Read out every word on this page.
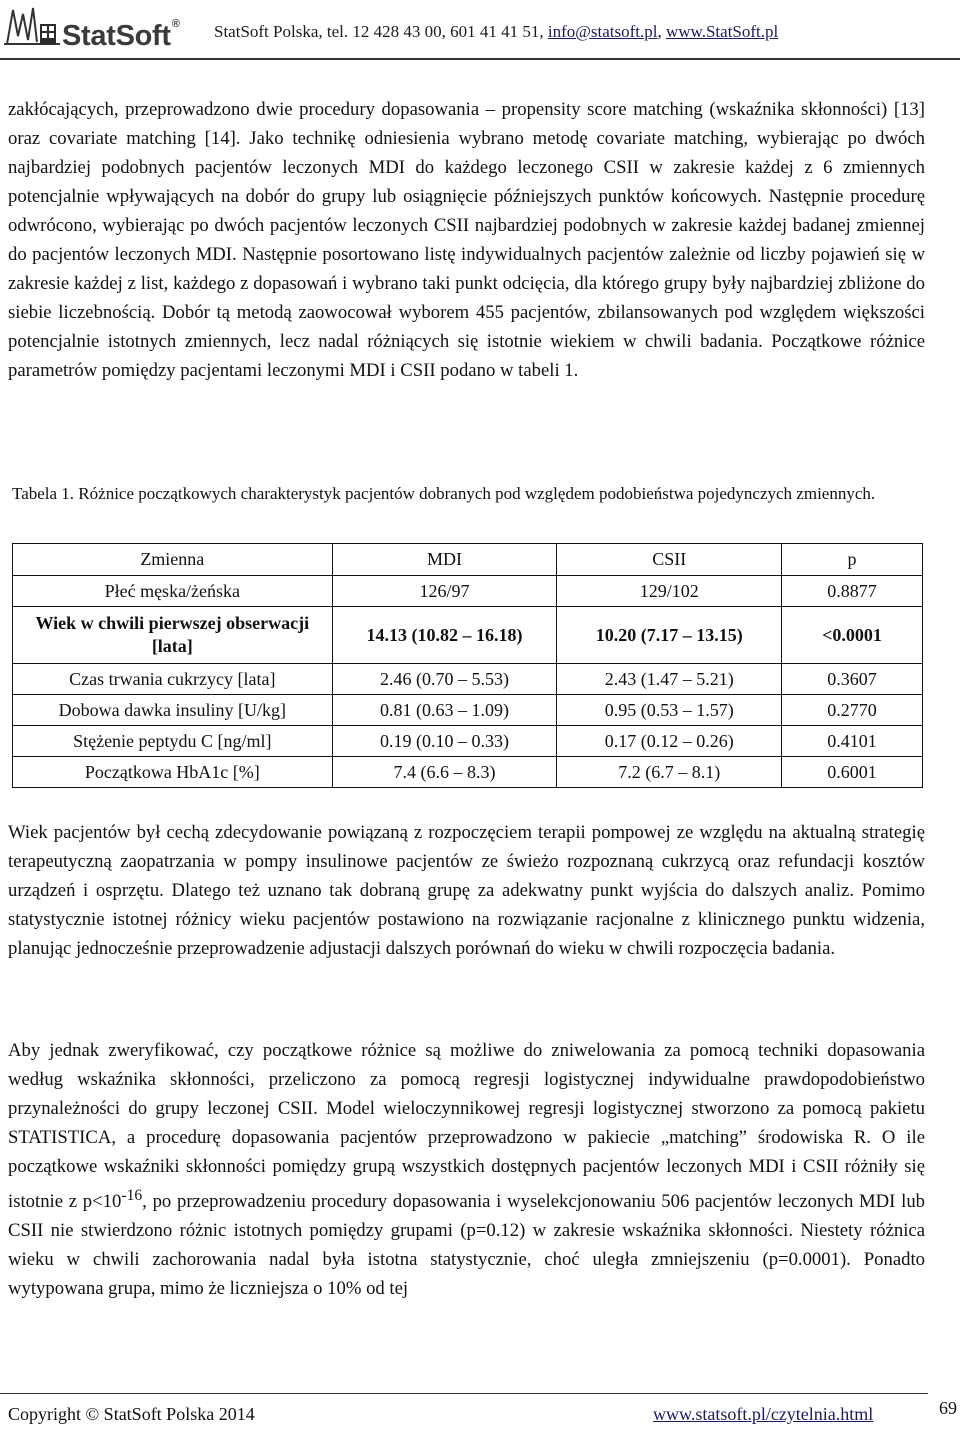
StatSoft® StatSoft Polska, tel. 12 428 43 00, 601 41 41 51, info@statsoft.pl, www.StatSoft.pl

zakłócających, przeprowadzono dwie procedury dopasowania – propensity score matching (wskaźnika skłonności) [13] oraz covariate matching [14]. Jako technikę odniesienia wybrano metodę covariate matching, wybierając po dwóch najbardziej podobnych pacjentów leczonych MDI do każdego leczonego CSII w zakresie każdej z 6 zmiennych potencjalnie wpływających na dobór do grupy lub osiągnięcie późniejszych punktów końcowych. Następnie procedurę odwrócono, wybierając po dwóch pacjentów leczonych CSII najbardziej podobnych w zakresie każdej badanej zmiennej do pacjentów leczonych MDI. Następnie posortowano listę indywidualnych pacjentów zależnie od liczby pojawień się w zakresie każdej z list, każdego z dopasowań i wybrano taki punkt odcięcia, dla którego grupy były najbardziej zbliżone do siebie liczebnością. Dobór tą metodą zaowocował wyborem 455 pacjentów, zbilansowanych pod względem większości potencjalnie istotnych zmiennych, lecz nadal różniących się istotnie wiekiem w chwili badania. Początkowe różnice parametrów pomiędzy pacjentami leczonymi MDI i CSII podano w tabeli 1.

Tabela 1. Różnice początkowych charakterystyk pacjentów dobranych pod względem podobieństwa pojedynczych zmiennych.

Zmienna	MDI	CSII	p
Płeć męska/żeńska	126/97	129/102	0.8877
Wiek w chwili pierwszej obserwacji [lata]	14.13 (10.82 – 16.18)	10.20 (7.17 – 13.15)	<0.0001
Czas trwania cukrzycy [lata]	2.46 (0.70 – 5.53)	2.43 (1.47 – 5.21)	0.3607
Dobowa dawka insuliny [U/kg]	0.81 (0.63 – 1.09)	0.95 (0.53 – 1.57)	0.2770
Stężenie peptydu C [ng/ml]	0.19 (0.10 – 0.33)	0.17 (0.12 – 0.26)	0.4101
Początkowa HbA1c [%]	7.4 (6.6 – 8.3)	7.2 (6.7 – 8.1)	0.6001

Wiek pacjentów był cechą zdecydowanie powiązaną z rozpoczęciem terapii pompowej ze względu na aktualną strategię terapeutyczną zaopatrzania w pompy insulinowe pacjentów ze świeżo rozpoznaną cukrzycą oraz refundacji kosztów urządzeń i osprzętu. Dlatego też uznano tak dobraną grupę za adekwatny punkt wyjścia do dalszych analiz. Pomimo statystycznie istotnej różnicy wieku pacjentów postawiono na rozwiązanie racjonalne z klinicznego punktu widzenia, planując jednocześnie przeprowadzenie adjustacji dalszych porównań do wieku w chwili rozpoczęcia badania.

Aby jednak zweryfikować, czy początkowe różnice są możliwe do zniwelowania za pomocą techniki dopasowania według wskaźnika skłonności, przeliczono za pomocą regresji logistycznej indywidualne prawdopodobieństwo przynależności do grupy leczonej CSII. Model wieloczynnikowej regresji logistycznej stworzono za pomocą pakietu STATISTICA, a procedurę dopasowania pacjentów przeprowadzono w pakiecie „matching” środowiska R. O ile początkowe wskaźniki skłonności pomiędzy grupą wszystkich dostępnych pacjentów leczonych MDI i CSII różniły się istotnie z $p<10^{-16}$, po przeprowadzeniu procedury dopasowania i wyselekcjonowaniu 506 pacjentów leczonych MDI lub CSII nie stwierdzono różnic istotnych pomiędzy grupami (p=0.12) w zakresie wskaźnika skłonności. Niestety różnica wieku w chwili zachorowania nadal była istotna statystycznie, choć uległa zmniejszeniu (p=0.0001). Ponadto wytypowana grupa, mimo że liczniejsza o 10% od tej

Copyright © StatSoft Polska 2014	www.statsoft.pl/czytelnia.html	69
